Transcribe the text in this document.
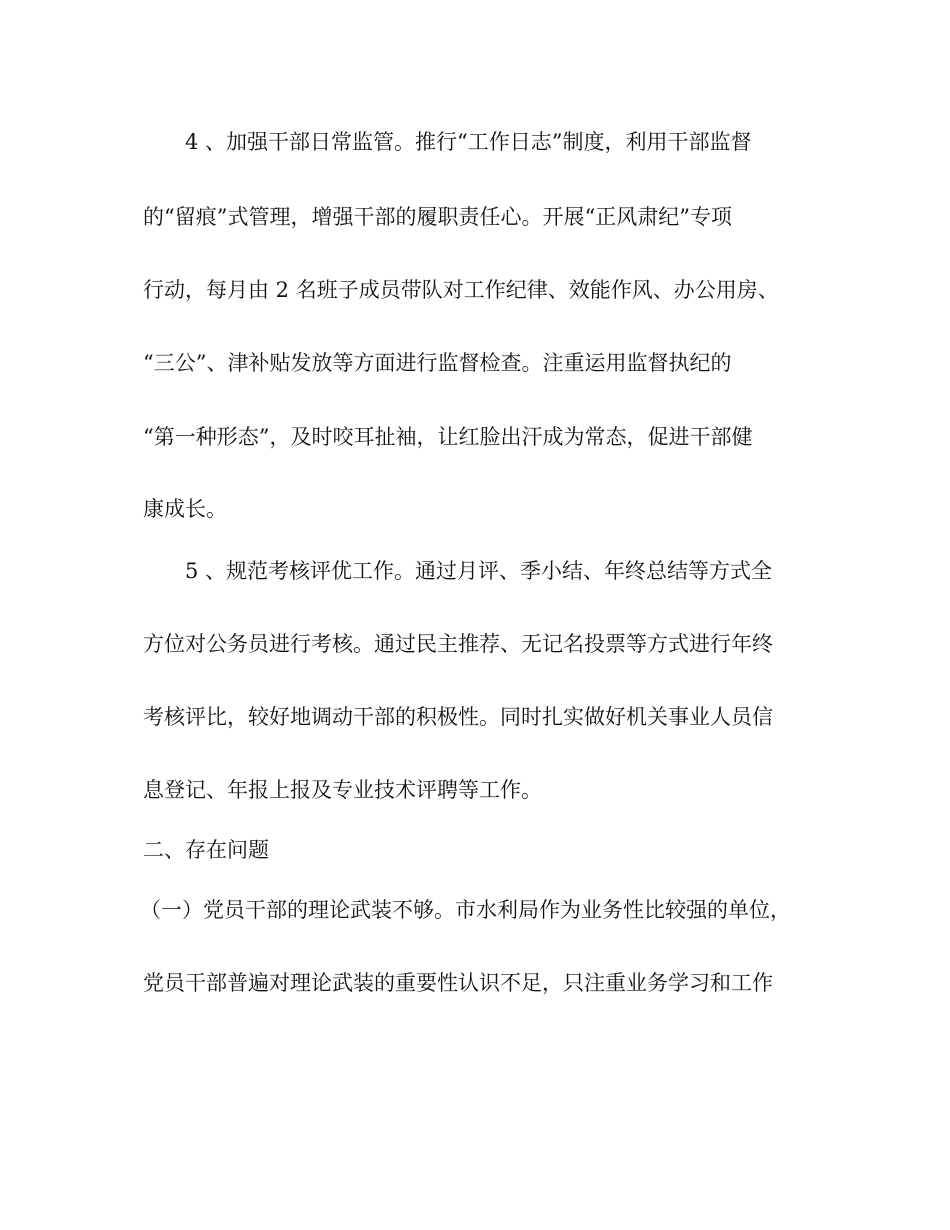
　　4 、加强干部日常监管。推行“工作日志”制度，利用干部监督
的“留痕”式管理，增强干部的履职责任心。开展“正风肃纪”专项
行动，每月由 2 名班子成员带队对工作纪律、效能作风、办公用房、
“三公”、津补贴发放等方面进行监督检查。注重运用监督执纪的
“第一种形态”，及时咬耳扯袖，让红脸出汗成为常态，促进干部健
康成长。
　　5 、规范考核评优工作。通过月评、季小结、年终总结等方式全
方位对公务员进行考核。通过民主推荐、无记名投票等方式进行年终
考核评比，较好地调动干部的积极性。同时扎实做好机关事业人员信
息登记、年报上报及专业技术评聘等工作。
二、存在问题
（一）党员干部的理论武装不够。市水利局作为业务性比较强的单位，
党员干部普遍对理论武装的重要性认识不足，只注重业务学习和工作
